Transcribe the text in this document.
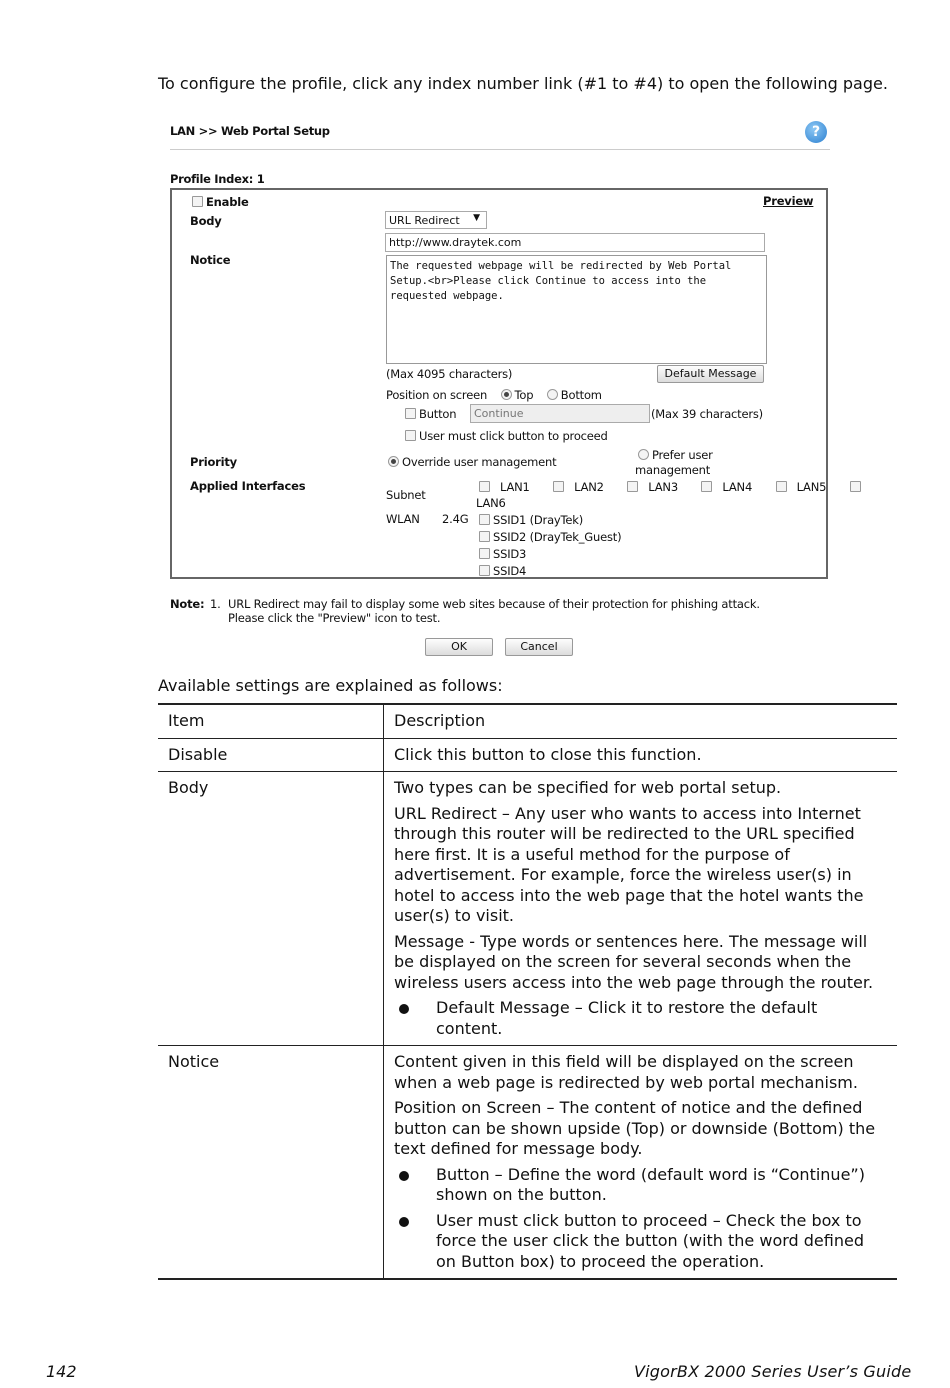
To configure the profile, click any index number link (#1 to #4) to open the following page.
LAN >> Web Portal Setup	?
Profile Index: 1
Enable	Preview
Body	URL Redirect ▼
http://www.draytek.com
Notice	The requested webpage will be redirected by Web Portal Setup.<br>Please click Continue to access into the requested webpage.
(Max 4095 characters)	Default Message
Position on screen Top Bottom
Button	Continue	(Max 39 characters)
User must click button to proceed
Priority	Override user management	Prefer user
management
Applied Interfaces
Subnet
LAN1	LAN2	LAN3	LAN4	LAN5
LAN6
WLAN 2.4G	SSID1 (DrayTek)
SSID2 (DrayTek_Guest)
SSID3
SSID4
Note: 1. URL Redirect may fail to display some web sites because of their protection for phishing attack.
Please click the "Preview" icon to test.
OK	Cancel
Available settings are explained as follows:
Item	Description
Disable	Click this button to close this function.

Body	Two types can be specified for web portal setup.

URL Redirect – Any user who wants to access into Internet through this router will be redirected to the URL specified here first. It is a useful method for the purpose of advertisement. For example, force the wireless user(s) in hotel to access into the web page that the hotel wants the user(s) to visit.

Message - Type words or sentences here. The message will be displayed on the screen for several seconds when the wireless users access into the web page through the router.

Default Message – Click it to restore the default content.

Notice	Content given in this field will be displayed on the screen when a web page is redirected by web portal mechanism.

Position on Screen – The content of notice and the defined button can be shown upside (Top) or downside (Bottom) the text defined for message body.

Button – Define the word (default word is “Continue”) shown on the button.
User must click button to proceed – Check the box to force the user click the button (with the word defined on Button box) to proceed the operation.
142	VigorBX 2000 Series User’s Guide
